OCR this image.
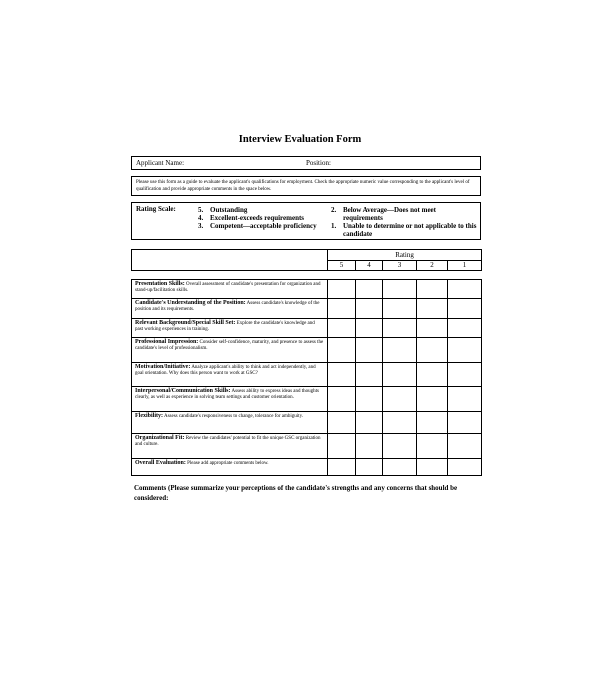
Interview Evaluation Form
Applicant Name:	Position:
Please use this form as a guide to evaluate the applicant's qualifications for employment. Check the appropriate numeric value corresponding to the applicant's level of qualification and provide appropriate comments in the space below.
Rating Scale:	5. Outstanding
4. Excellent-exceeds requirements
3. Competent—acceptable proficiency
2. Below Average—Does not meet requirements
1. Unable to determine or not applicable to this candidate
	Rating				
	5	4	3	2	1
Presentation Skills: Overall assessment of candidate's presentation for organization and stand-up/facilitation skills.					
Candidate's Understanding of the Position: Assess candidate's knowledge of the position and its requirements.					
Relevant Background/Special Skill Set: Explore the candidate's knowledge and past working experiences in training.					
Professional Impression: Consider self-confidence, maturity, and presence to assess the candidate's level of professionalism.					
Motivation/Initiative: Analyze applicant's ability to think and act independently, and goal orientation. Why does this person want to work at GSC?					
Interpersonal/Communication Skills: Assess ability to express ideas and thoughts clearly, as well as experience in solving team settings and customer orientation.					
Flexibility: Assess candidate's responsiveness to change, tolerance for ambiguity.					
Organizational Fit: Review the candidates' potential to fit the unique GSC organization and culture.					
Overall Evaluation: Please add appropriate comments below.					
Comments (Please summarize your perceptions of the candidate's strengths and any concerns that should be considered:
